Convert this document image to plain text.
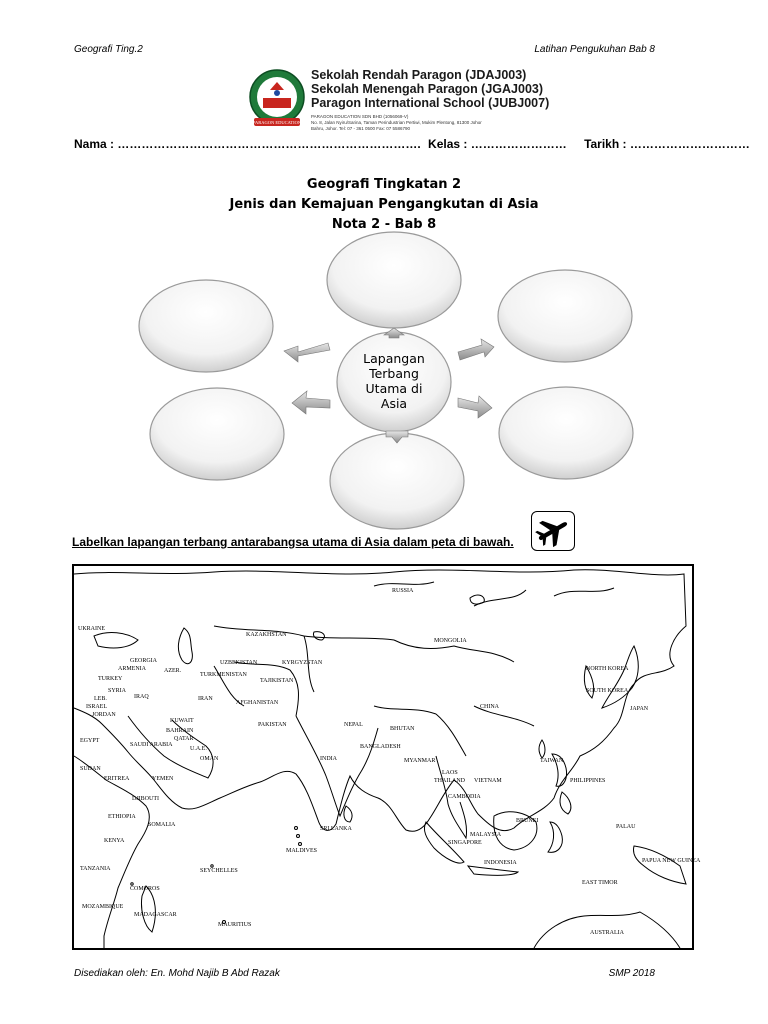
Geografi Ting.2	Latihan Pengukuhan Bab 8
PARAGON EDUCATION
Sekolah Rendah Paragon (JDAJ003)
Sekolah Menengah Paragon (JGAJ003)
Paragon International School (JUBJ007)
PARAGON EDUCATION SDN BHD (1056069-V)
No. 8, Jalan Nyiru/Sarina, Taman Perindustrian Pertiwi, Mukim Plentong, 81300 Johor
Bahru, Johor. Tel: 07 - 361 0500 Fax: 07 5586790
Nama : …………………………………………………………………. Kelas : …………………… Tarikh : …………………………
Geografi Tingkatan 2
Jenis dan Kemajuan Pengangkutan di Asia
Nota 2 - Bab 8
Lapangan
Terbang
Utama di
Asia
Labelkan lapangan terbang antarabangsa utama di Asia dalam peta di bawah.
RUSSIA
UKRAINE
KAZAKHSTAN
MONGOLIA
GEORGIA
ARMENIA	AZER.
UZBEKISTAN	KYRGYZSTAN
TURKMENISTAN
TAJIKISTAN
TURKEY
SYRIA
LEB.
ISRAEL
JORDAN
IRAQ	IRAN
AFGHANISTAN
PAKISTAN
NORTH KOREA
SOUTH KOREA
JAPAN
CHINA
EGYPT
KUWAIT
BAHRAIN
QATAR
U.A.E.
SAUDI ARABIA
NEPAL
BHUTAN
BANGLADESH
INDIA
OMAN
SUDAN
ERITREA	YEMEN
MYANMAR
LAOS
TAIWAN
THAILAND VIETNAM	PHILIPPINES
DJIBOUTI
ETHIOPIA
SOMALIA
CAMBODIA
BRUNEI
SRI LANKA
MALAYSIA
KENYA	SINGAPORE
PALAU
MALDIVES
INDONESIA
TANZANIA	SEYCHELLES
PAPUA NEW GUINEA
COMOROS
EAST TIMOR
MOZAMBIQUE
MADAGASCAR
MAURITIUS
AUSTRALIA
Disediakan oleh: En. Mohd Najib B Abd Razak	SMP 2018
